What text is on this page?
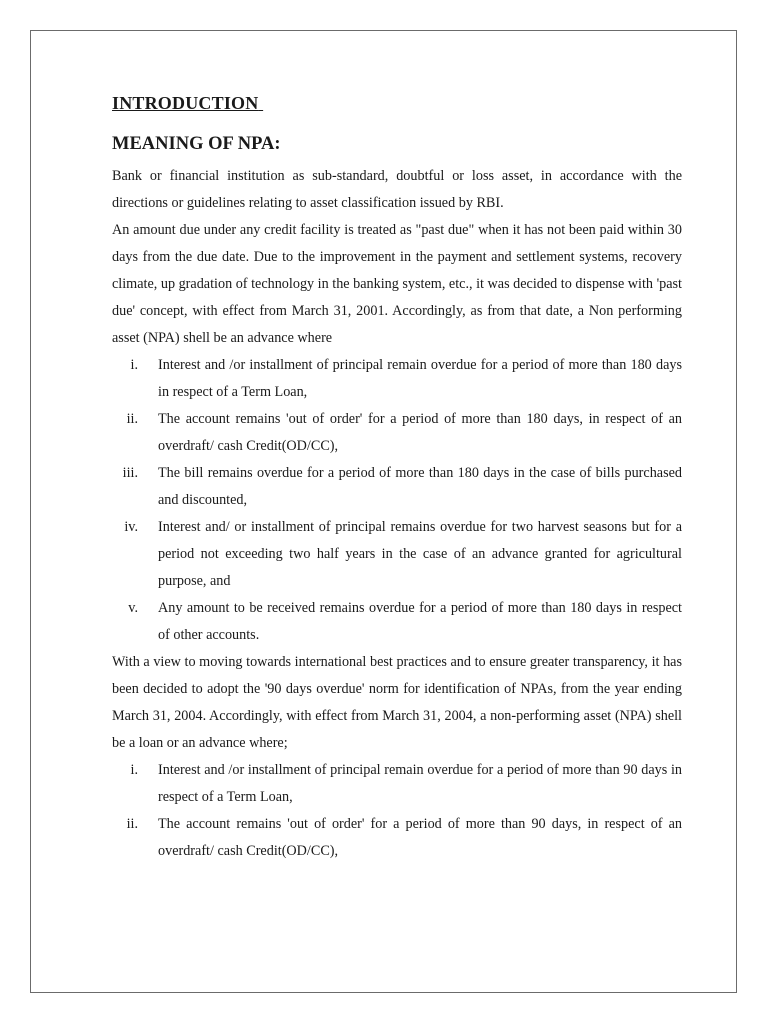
INTRODUCTION
MEANING OF NPA:

Bank or financial institution as sub-standard, doubtful or loss asset, in accordance with the directions or guidelines relating to asset classification issued by RBI.

An amount due under any credit facility is treated as "past due" when it has not been paid within 30 days from the due date. Due to the improvement in the payment and settlement systems, recovery climate, up gradation of technology in the banking system, etc., it was decided to dispense with 'past due' concept, with effect from March 31, 2001. Accordingly, as from that date, a Non performing asset (NPA) shell be an advance where

i. Interest and /or installment of principal remain overdue for a period of more than 180 days in respect of a Term Loan,
ii. The account remains 'out of order' for a period of more than 180 days, in respect of an overdraft/ cash Credit(OD/CC),
iii. The bill remains overdue for a period of more than 180 days in the case of bills purchased and discounted,
iv. Interest and/ or installment of principal remains overdue for two harvest seasons but for a period not exceeding two half years in the case of an advance granted for agricultural purpose, and
v. Any amount to be received remains overdue for a period of more than 180 days in respect of other accounts.

With a view to moving towards international best practices and to ensure greater transparency, it has been decided to adopt the '90 days overdue' norm for identification of NPAs, from the year ending March 31, 2004. Accordingly, with effect from March 31, 2004, a non-performing asset (NPA) shell be a loan or an advance where;

i. Interest and /or installment of principal remain overdue for a period of more than 90 days in respect of a Term Loan,
ii. The account remains 'out of order' for a period of more than 90 days, in respect of an overdraft/ cash Credit(OD/CC),
